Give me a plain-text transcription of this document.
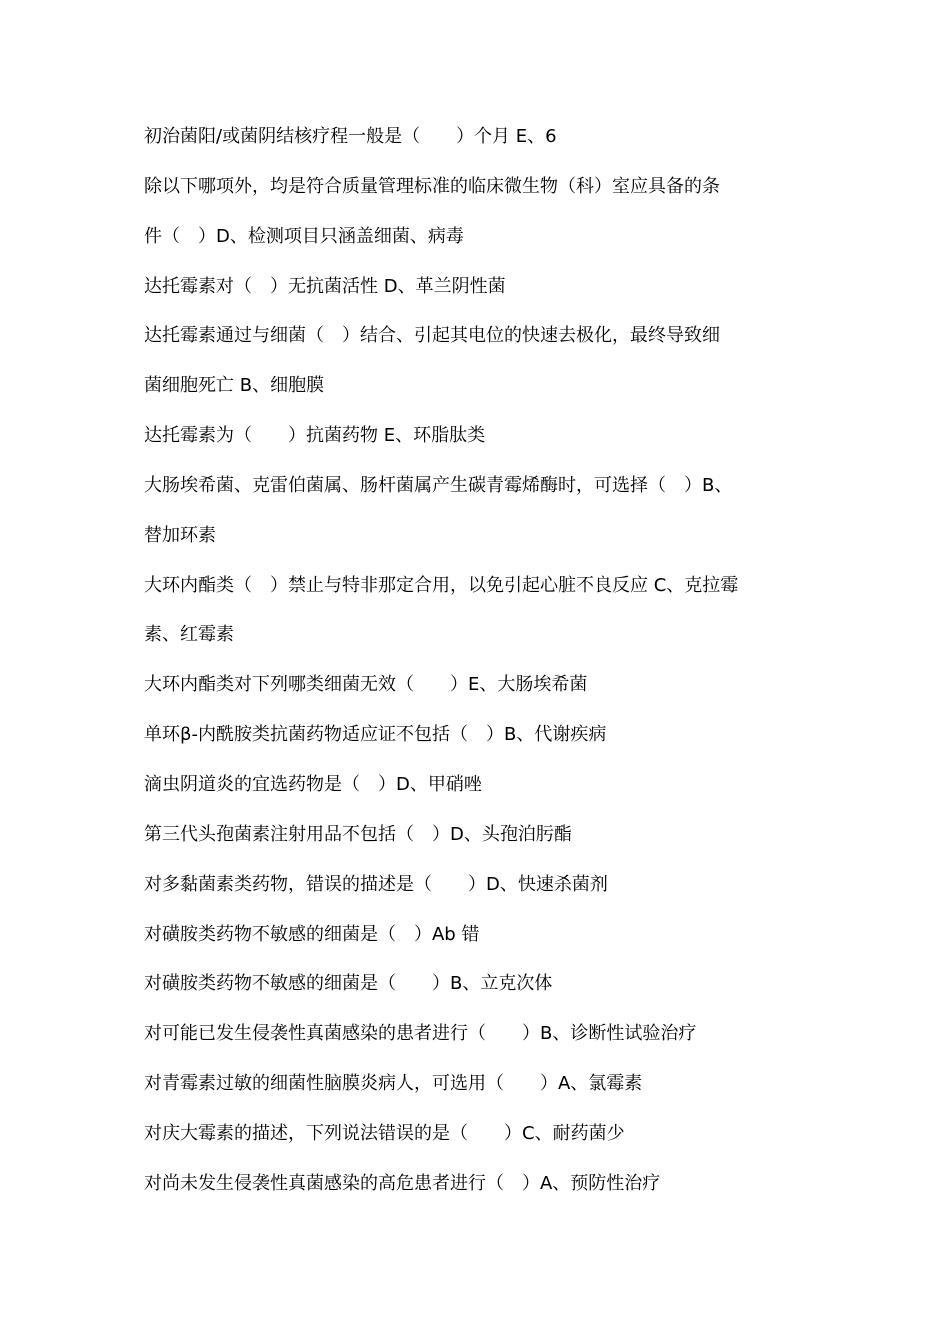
初治菌阳/或菌阴结核疗程一般是（　　）个月 E、6
除以下哪项外，均是符合质量管理标准的临床微生物（科）室应具备的条
件（　）D、检测项目只涵盖细菌、病毒
达托霉素对（　）无抗菌活性 D、革兰阴性菌
达托霉素通过与细菌（　）结合、引起其电位的快速去极化，最终导致细
菌细胞死亡 B、细胞膜
达托霉素为（　　）抗菌药物 E、环脂肽类
大肠埃希菌、克雷伯菌属、肠杆菌属产生碳青霉烯酶时，可选择（　）B、
替加环素
大环内酯类（　）禁止与特非那定合用，以免引起心脏不良反应 C、克拉霉
素、红霉素
大环内酯类对下列哪类细菌无效（　　）E、大肠埃希菌
单环β-内酰胺类抗菌药物适应证不包括（　）B、代谢疾病
滴虫阴道炎的宜选药物是（　）D、甲硝唑
第三代头孢菌素注射用品不包括（　）D、头孢泊肟酯
对多黏菌素类药物，错误的描述是（　　）D、快速杀菌剂
对磺胺类药物不敏感的细菌是（　）Ab 错
对磺胺类药物不敏感的细菌是（　　）B、立克次体
对可能已发生侵袭性真菌感染的患者进行（　　）B、诊断性试验治疗
对青霉素过敏的细菌性脑膜炎病人，可选用（　　）A、氯霉素
对庆大霉素的描述，下列说法错误的是（　　）C、耐药菌少
对尚未发生侵袭性真菌感染的高危患者进行（　）A、预防性治疗
